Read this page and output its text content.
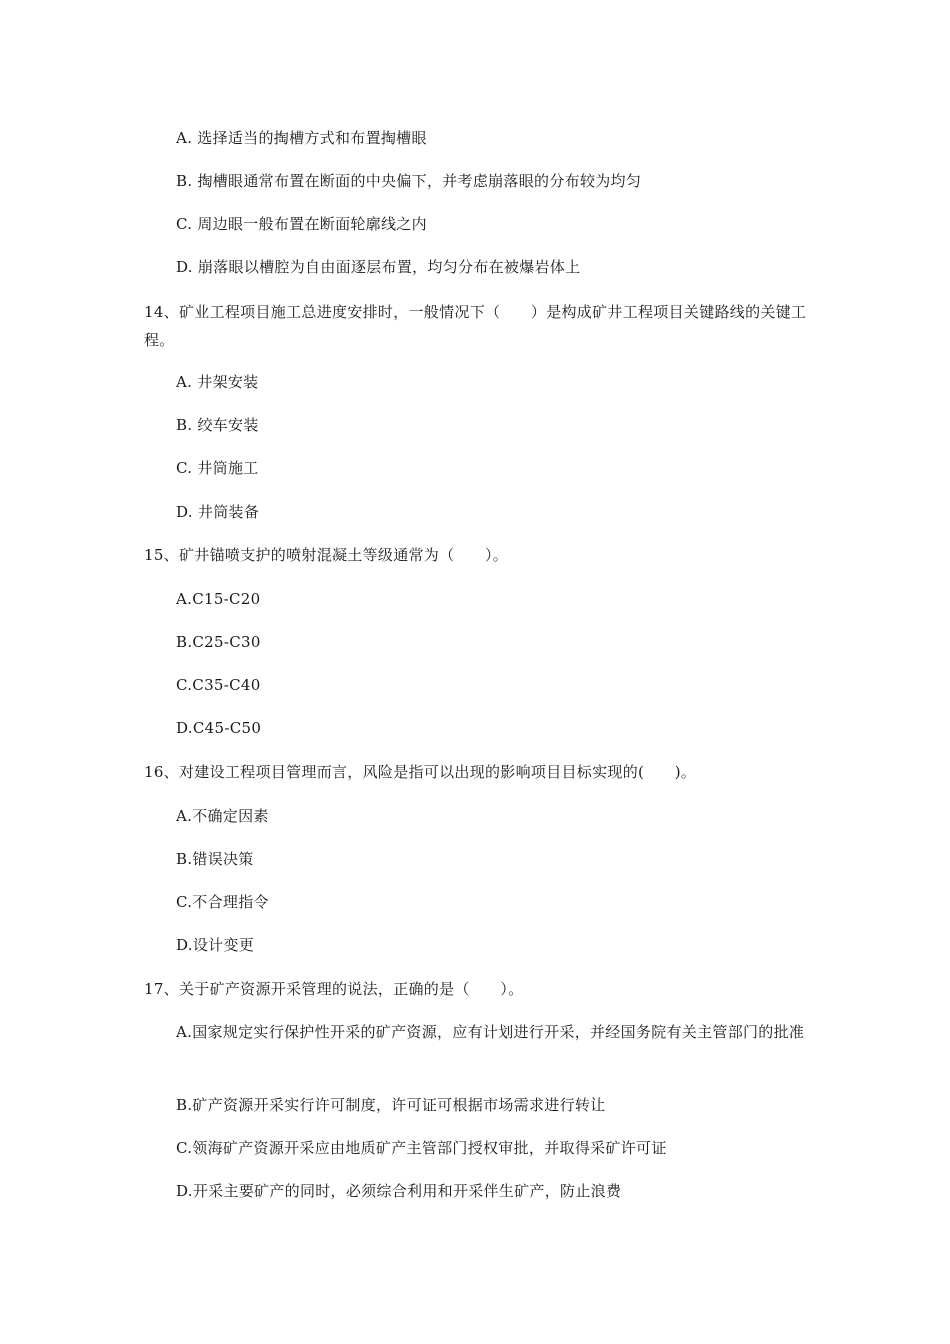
A. 选择适当的掏槽方式和布置掏槽眼
B. 掏槽眼通常布置在断面的中央偏下，并考虑崩落眼的分布较为均匀
C. 周边眼一般布置在断面轮廓线之内
D. 崩落眼以槽腔为自由面逐层布置，均匀分布在被爆岩体上
14、矿业工程项目施工总进度安排时，一般情况下（　　）是构成矿井工程项目关键路线的关键工程。
A. 井架安装
B. 绞车安装
C. 井筒施工
D. 井筒装备
15、矿井锚喷支护的喷射混凝土等级通常为（　　）。
A.C15-C20
B.C25-C30
C.C35-C40
D.C45-C50
16、对建设工程项目管理而言，风险是指可以出现的影响项目目标实现的(　　)。
A.不确定因素
B.错误决策
C.不合理指令
D.设计变更
17、关于矿产资源开采管理的说法，正确的是（　　）。
A.国家规定实行保护性开采的矿产资源，应有计划进行开采，并经国务院有关主管部门的批准
B.矿产资源开采实行许可制度，许可证可根据市场需求进行转让
C.领海矿产资源开采应由地质矿产主管部门授权审批，并取得采矿许可证
D.开采主要矿产的同时，必须综合利用和开采伴生矿产，防止浪费
